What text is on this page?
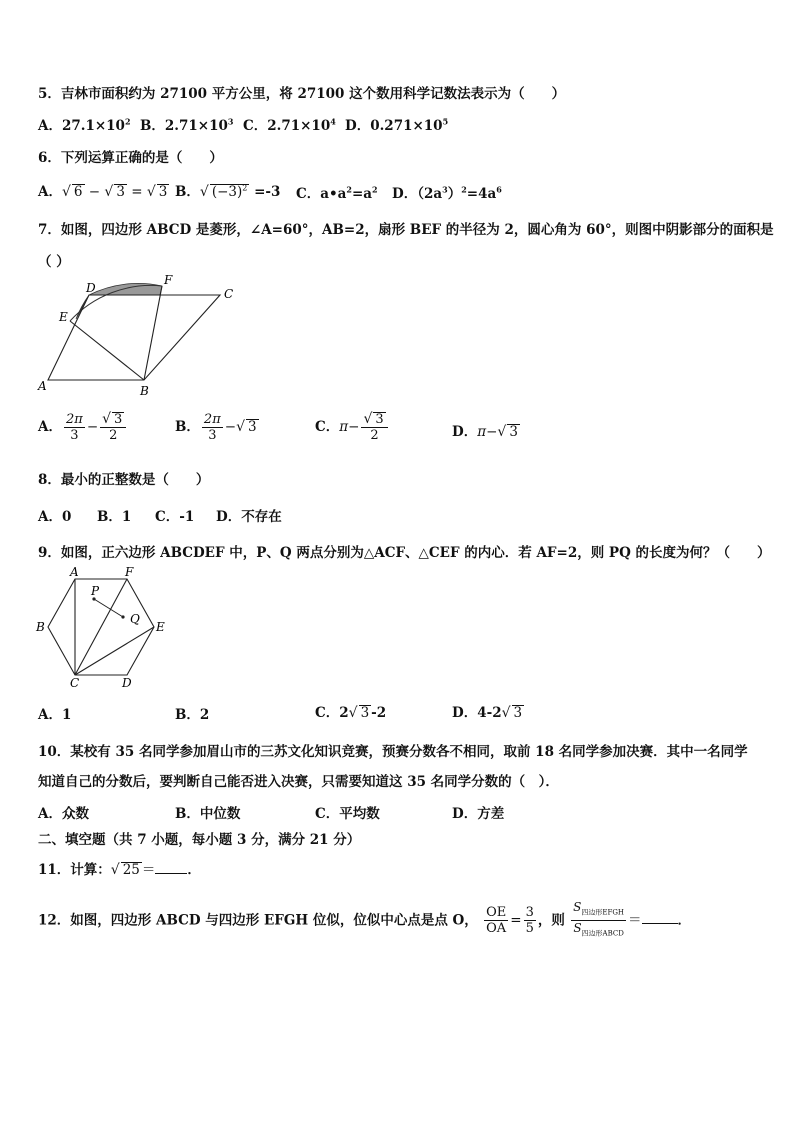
5．吉林市面积约为 27100 平方公里，将 27100 这个数用科学记数法表示为（　　）
A．$27.1\times 10^2$ B．$2.71\times 10^3$ C．$2.71\times 10^4$ D．$0.271\times 10^5$
6．下列运算正确的是（　　）
A．√ 6 − √ 3 = √ 3 B．√ $(-3)^2 =-3$ C．$a•a^2=a^2$ D．$(2a^3)^2=4a^6$
7．如图，四边形 ABCD 是菱形，∠A=60°，AB=2，扇形 BEF 的半径为 2，圆心角为 60°，则图中阴影部分的面积是
（ ）
A	B
C
D
E
F
A． $\frac{2\pi}{3} - \frac{√ 3}{2}$	B． $\frac{2\pi}{3}$ −√ 3	C．$\pi- \frac{√ 3}{2}$	D．π−√ 3
8．最小的正整数是（　　）
A．0 B．1 C．-1 D．不存在
9．如图，正六边形 ABCDEF 中，P、Q 两点分别为△ACF、△CEF 的内心．若 AF=2，则 PQ 的长度为何？（　　）
A	F
B	E
C	D
P
Q
A．1	B．2	C．2√ 3 -2	D．4-2√ 3
10．某校有 35 名同学参加眉山市的三苏文化知识竞赛，预赛分数各不相同，取前 18 名同学参加决赛．其中一名同学
知道自己的分数后，要判断自己能否进入决赛，只需要知道这 35 名同学分数的（　）．
A．众数	B．中位数	C．平均数	D．方差
二、填空题（共 7 小题，每小题 3 分，满分 21 分）
11．计算：√ 25 ＝ ．
12．如图，四边形 ABCD 与四边形 EFGH 位似，位似中心点是点 O， $\frac{OE}{OA} = \frac{3}{5}$ ，则 $\frac{S_{四边形EFGH}}{S_{四边形ABCD}}$ ＝	．
